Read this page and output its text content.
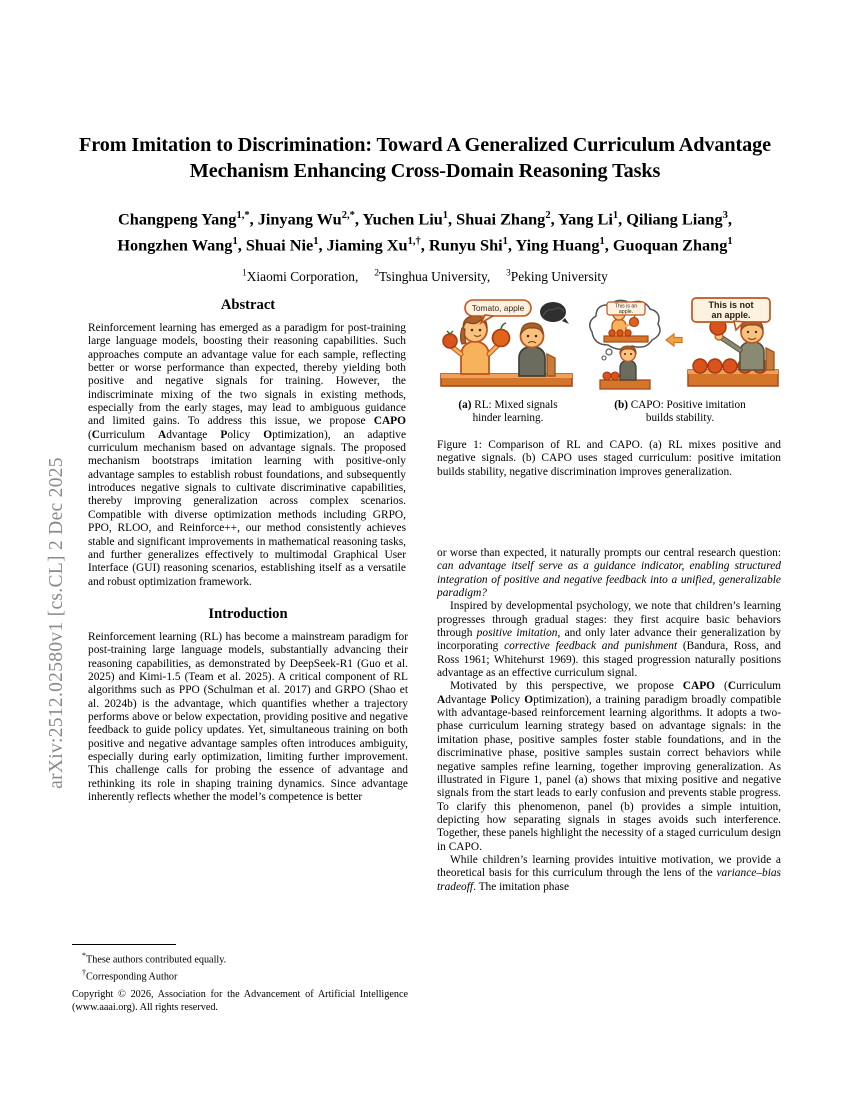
arXiv:2512.02580v1 [cs.CL] 2 Dec 2025
From Imitation to Discrimination: Toward A Generalized Curriculum Advantage
Mechanism Enhancing Cross-Domain Reasoning Tasks
Changpeng Yang$^{1,*}$, Jinyang $Wu^{2,*}$, Yuchen Liu$^1$, Shuai Zhang$^2$, Yang Li$^1$, Qiliang Liang$^3$,
Hongzhen Wang$^1$, Shuai Nie$^1$, Jiaming $Xu^{1,\dagger}$, Runyu Shi$^1$, Ying Huang$^1$, Guoquan Zhang$^1$
$^1$Xiaomi Corporation, $^2$Tsinghua University, $^3$Peking University
Abstract

Reinforcement learning has emerged as a paradigm for post-training large language models, boosting their reasoning capabilities. Such approaches compute an advantage value for each sample, reflecting better or worse performance than expected, thereby yielding both positive and negative signals for training. However, the indiscriminate mixing of the two signals in existing methods, especially from the early stages, may lead to ambiguous guidance and limited gains. To address this issue, we propose CAPO (Curriculum Advantage Policy Optimization), an adaptive curriculum mechanism based on advantage signals. The proposed mechanism bootstraps imitation learning with positive-only advantage samples to establish robust foundations, and subsequently introduces negative signals to cultivate discriminative capabilities, thereby improving generalization across complex scenarios. Compatible with diverse optimization methods including GRPO, PPO, RLOO, and Reinforce++, our method consistently achieves stable and significant improvements in mathematical reasoning tasks, and further generalizes effectively to multimodal Graphical User Interface (GUI) reasoning scenarios, establishing itself as a versatile and robust optimization framework.

Introduction

Reinforcement learning (RL) has become a mainstream paradigm for post-training large language models, substantially advancing their reasoning capabilities, as demonstrated by DeepSeek-R1 (Guo et al. 2025) and Kimi-1.5 (Team et al. 2025). A critical component of RL algorithms such as PPO (Schulman et al. 2017) and GRPO (Shao et al. 2024b) is the advantage, which quantifies whether a trajectory performs above or below expectation, providing positive and negative feedback to guide policy updates. Yet, simultaneous training on both positive and negative advantage samples often introduces ambiguity, especially during early optimization, limiting further improvement. This challenge calls for probing the essence of advantage and rethinking its role in shaping training dynamics. Since advantage inherently reflects whether the model’s competence is better

*These authors contributed equally.
†Corresponding Author
Copyright © 2026, Association for the Advancement of Artificial Intelligence (www.aaai.org). All rights reserved.
Tomato, apple	This is an
apple.
This is not
an apple.
(a) RL: Mixed signals
hinder learning.
(b) CAPO: Positive imitation
builds stability.
Figure 1: Comparison of RL and CAPO. (a) RL mixes positive and negative signals. (b) CAPO uses staged curriculum: positive imitation builds stability, negative discrimination improves generalization.

or worse than expected, it naturally prompts our central research question: can advantage itself serve as a guidance indicator, enabling structured integration of positive and negative feedback into a unified, generalizable paradigm?

Inspired by developmental psychology, we note that children’s learning progresses through gradual stages: they first acquire basic behaviors through positive imitation, and only later advance their generalization by incorporating corrective feedback and punishment (Bandura, Ross, and Ross 1961; Whitehurst 1969). this staged progression naturally positions advantage as an effective curriculum signal.

Motivated by this perspective, we propose CAPO (Curriculum Advantage Policy Optimization), a training paradigm broadly compatible with advantage-based reinforcement learning algorithms. It adopts a two-phase curriculum learning strategy based on advantage signals: in the imitation phase, positive samples foster stable foundations, and in the discriminative phase, positive samples sustain correct behaviors while negative samples refine learning, together improving generalization. As illustrated in Figure 1, panel (a) shows that mixing positive and negative signals from the start leads to early confusion and prevents stable progress. To clarify this phenomenon, panel (b) provides a simple intuition, depicting how separating signals in stages avoids such interference. Together, these panels highlight the necessity of a staged curriculum design in CAPO.

While children’s learning provides intuitive motivation, we provide a theoretical basis for this curriculum through the lens of the variance–bias tradeoff. The imitation phase
